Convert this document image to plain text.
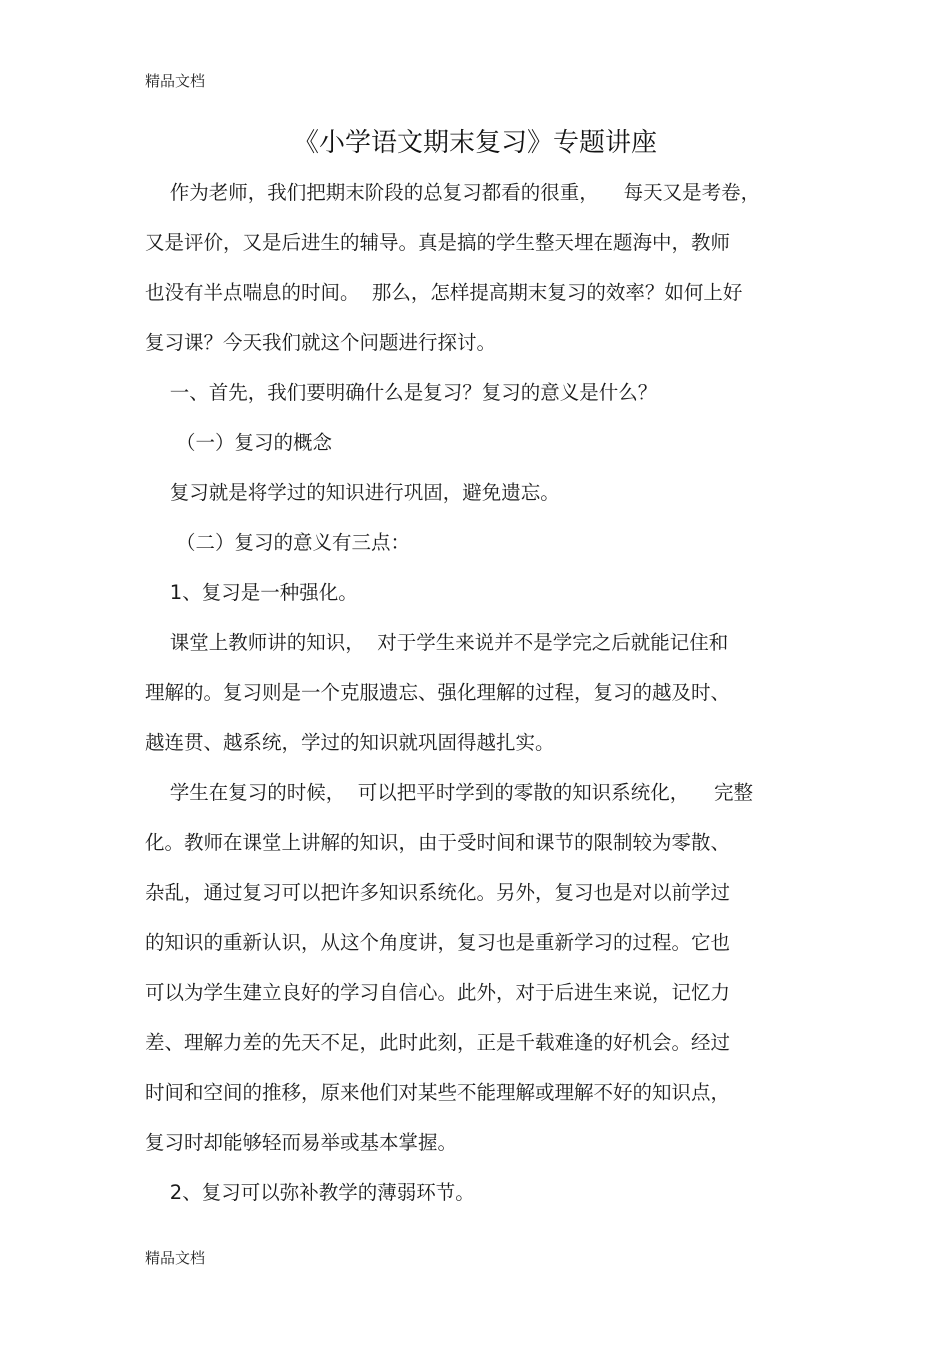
精品文档
《小学语文期末复习》专题讲座
作为老师，我们把期末阶段的总复习都看的很重，    每天又是考卷，
又是评价，又是后进生的辅导。真是搞的学生整天埋在题海中，教师
也没有半点喘息的时间。  那么，怎样提高期末复习的效率？如何上好
复习课？今天我们就这个问题进行探讨。
一、首先，我们要明确什么是复习？复习的意义是什么？
（一）复习的概念
复习就是将学过的知识进行巩固，避免遗忘。
（二）复习的意义有三点：
1、复习是一种强化。
课堂上教师讲的知识，  对于学生来说并不是学完之后就能记住和
理解的。复习则是一个克服遗忘、强化理解的过程，复习的越及时、
越连贯、越系统，学过的知识就巩固得越扎实。
学生在复习的时候，  可以把平时学到的零散的知识系统化，    完整
化。教师在课堂上讲解的知识，由于受时间和课节的限制较为零散、
杂乱，通过复习可以把许多知识系统化。另外，复习也是对以前学过
的知识的重新认识，从这个角度讲，复习也是重新学习的过程。它也
可以为学生建立良好的学习自信心。此外，对于后进生来说，记忆力
差、理解力差的先天不足，此时此刻，正是千载难逢的好机会。经过
时间和空间的推移，原来他们对某些不能理解或理解不好的知识点，
复习时却能够轻而易举或基本掌握。
2、复习可以弥补教学的薄弱环节。
精品文档
